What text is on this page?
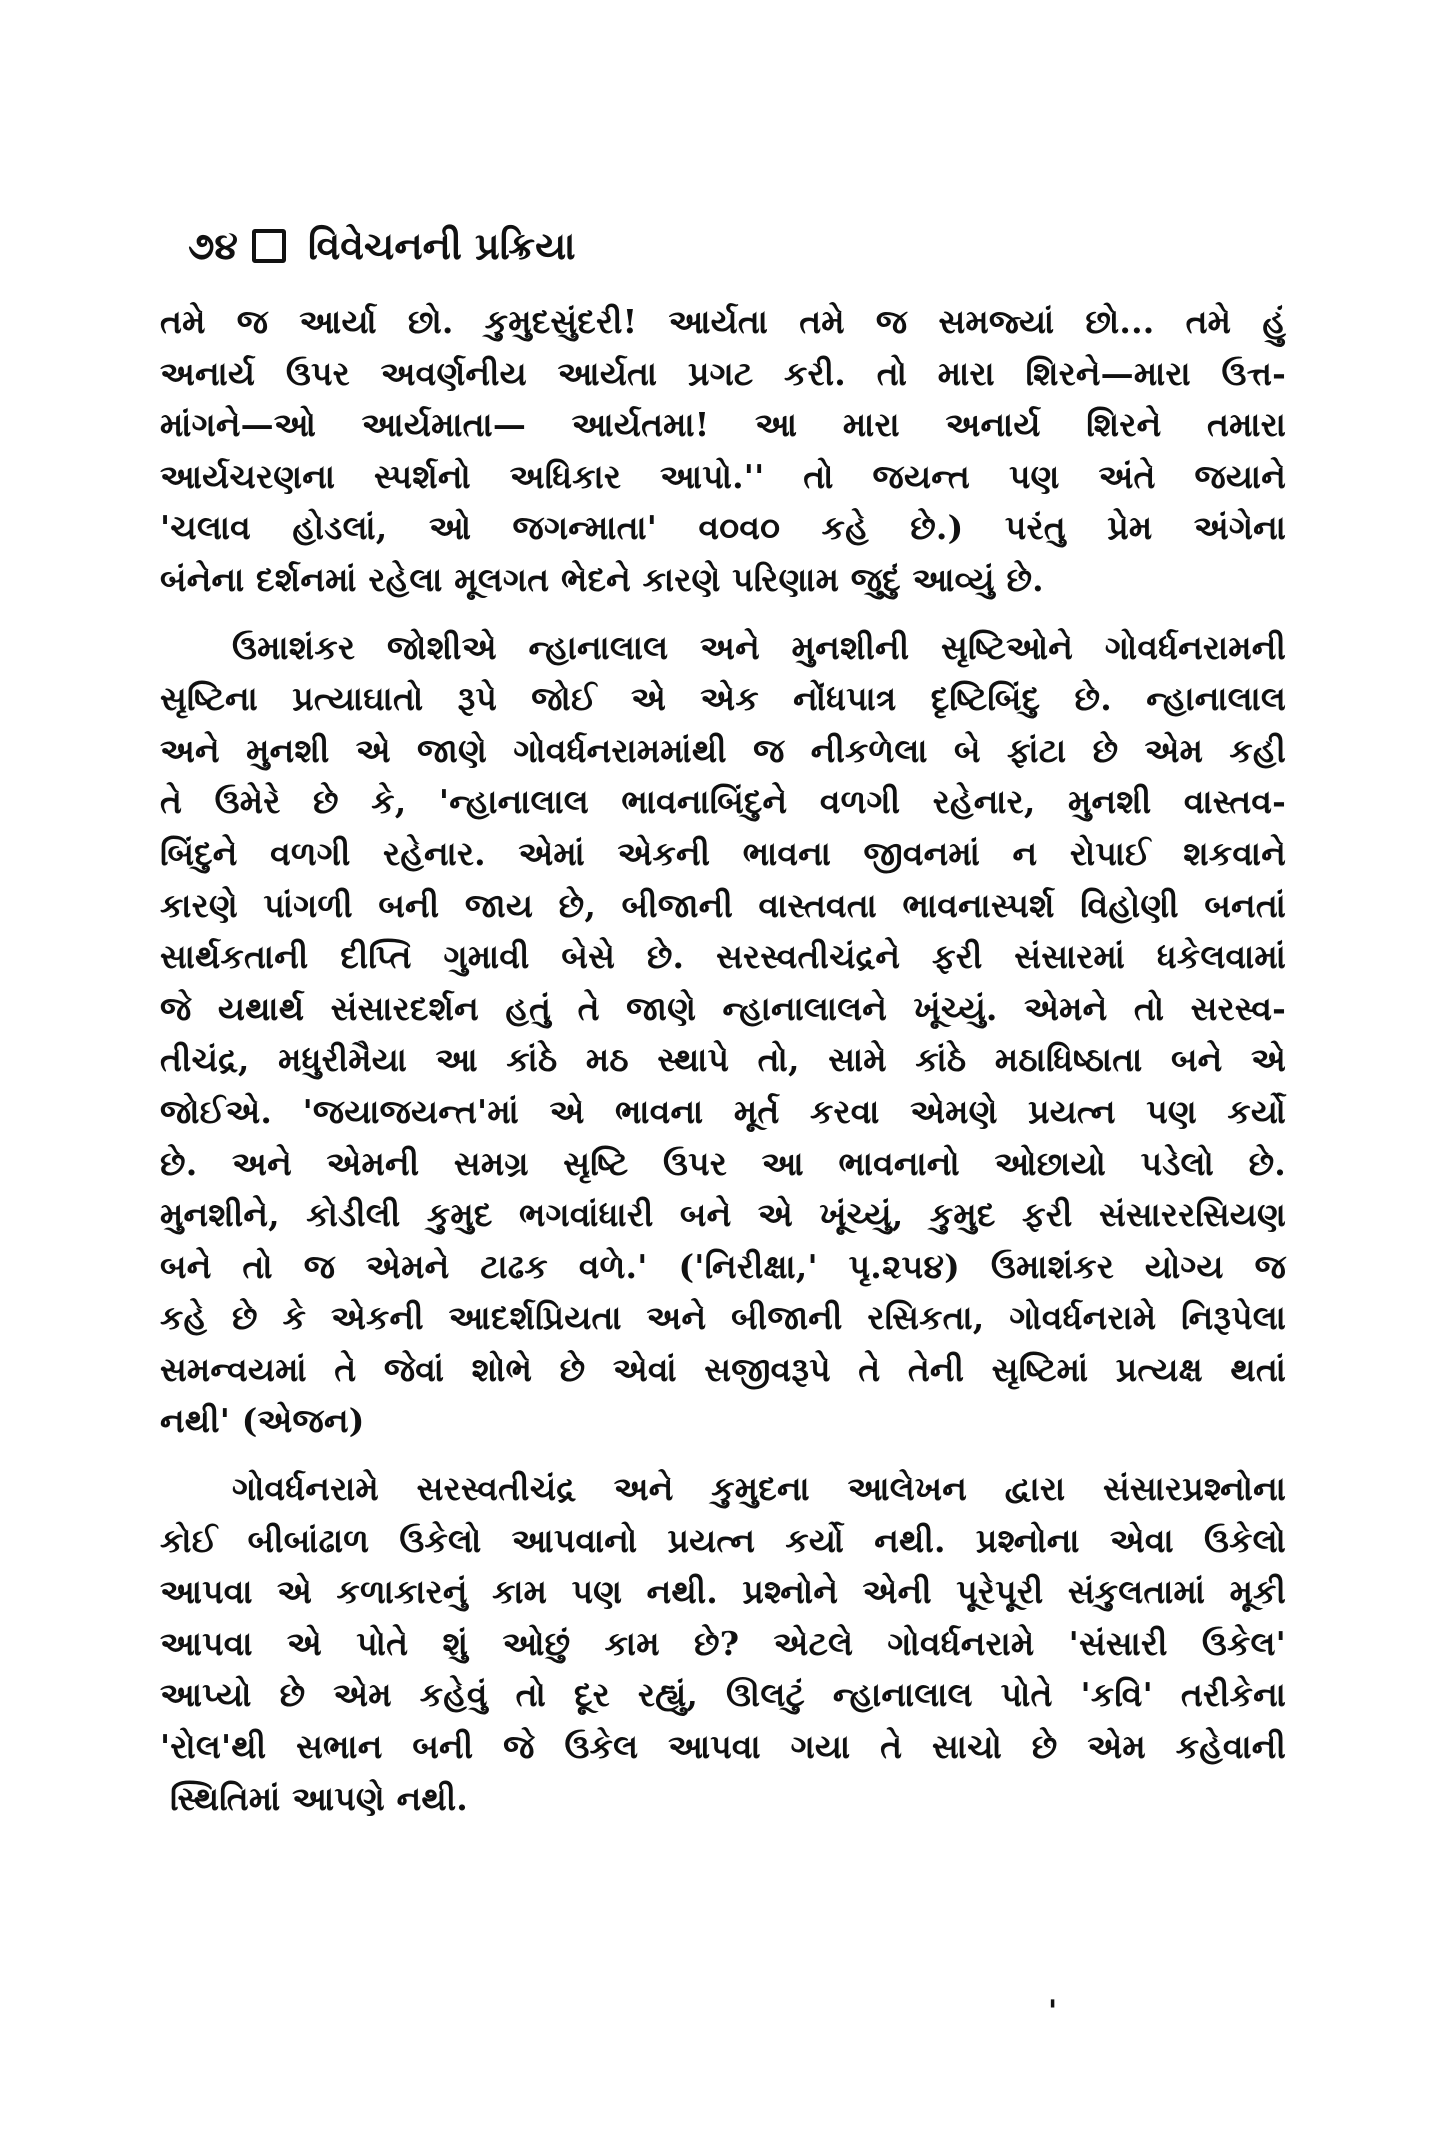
૭૪ વિવેચનની પ્રક્રિયા
તમે જ આર્યા છો. કુમુદસુંદરી! આર્યતા તમે જ સમજ્યાં છો... તમે હું
અનાર્ય ઉપર અવર્ણનીય આર્યતા પ્રગટ કરી. તો મારા શિરને—મારા ઉત્ત-
માંગને—ઓ આર્યમાતા— આર્યતમા! આ મારા અનાર્ય શિરને તમારા
આર્યચરણના સ્પર્શનો અધિકાર આપો.'' તો જયન્ત પણ અંતે જયાને
'ચલાવ હોડલાં, ઓ જગન્માતા' વ૦વ૦ કહે છે.) પરંતુ પ્રેમ અંગેના
બંનેના દર્શનમાં રહેલા મૂલગત ભેદને કારણે પરિણામ જુદું આવ્યું છે.
ઉમાશંકર જોશીએ ન્હાનાલાલ અને મુનશીની સૃષ્ટિઓને ગોવર્ધનરામની
સૃષ્ટિના પ્રત્યાઘાતો રૂપે જોઈ એ એક નોંધપાત્ર દૃષ્ટિબિંદુ છે. ન્હાનાલાલ
અને મુનશી એ જાણે ગોવર્ધનરામમાંથી જ નીકળેલા બે ફાંટા છે એમ કહી
તે ઉમેરે છે કે, 'ન્હાનાલાલ ભાવનાબિંદુને વળગી રહેનાર, મુનશી વાસ્તવ-
બિંદુને વળગી રહેનાર. એમાં એકની ભાવના જીવનમાં ન રોપાઈ શકવાને
કારણે પાંગળી બની જાય છે, બીજાની વાસ્તવતા ભાવનાસ્પર્શ વિહોણી બનતાં
સાર્થકતાની દીપ્તિ ગુમાવી બેસે છે. સરસ્વતીચંદ્રને ફરી સંસારમાં ધકેલવામાં
જે યથાર્થ સંસારદર્શન હતું તે જાણે ન્હાનાલાલને ખૂંચ્યું. એમને તો સરસ્વ-
તીચંદ્ર, મધુરીમૈયા આ કાંઠે મઠ સ્થાપે તો, સામે કાંઠે મઠાધિષ્ઠાતા બને એ
જોઈએ. 'જયાજયન્ત'માં એ ભાવના મૂર્ત કરવા એમણે પ્રયત્ન પણ કર્યો
છે. અને એમની સમગ્ર સૃષ્ટિ ઉપર આ ભાવનાનો ઓછાયો પડેલો છે.
મુનશીને, કોડીલી કુમુદ ભગવાંધારી બને એ ખૂંચ્યું, કુમુદ ફરી સંસારરસિયણ
બને તો જ એમને ટાઢક વળે.' ('નિરીક્ષા,' પૃ.૨૫૪) ઉમાશંકર યોગ્ય જ
કહે છે કે એકની આદર્શપ્રિયતા અને બીજાની રસિકતા, ગોવર્ધનરામે નિરૂપેલા
સમન્વયમાં તે જેવાં શોભે છે એવાં સજીવરૂપે તે તેની સૃષ્ટિમાં પ્રત્યક્ષ થતાં
નથી' (એજન)
ગોવર્ધનરામે સરસ્વતીચંદ્ર અને કુમુદના આલેખન દ્વારા સંસારપ્રશ્નોના
કોઈ બીબાંઢાળ ઉકેલો આપવાનો પ્રયત્ન કર્યો નથી. પ્રશ્નોના એવા ઉકેલો
આપવા એ કળાકારનું કામ પણ નથી. પ્રશ્નોને એની પૂરેપૂરી સંકુલતામાં મૂકી
આપવા એ પોતે શું ઓછું કામ છે? એટલે ગોવર્ધનરામે 'સંસારી ઉકેલ'
આપ્યો છે એમ કહેવું તો દૂર રહ્યું, ઊલટું ન્હાનાલાલ પોતે 'કવિ' તરીકેના
'રોલ'થી સભાન બની જે ઉકેલ આપવા ગયા તે સાચો છે એમ કહેવાની
સ્થિતિમાં આપણે નથી.
'
